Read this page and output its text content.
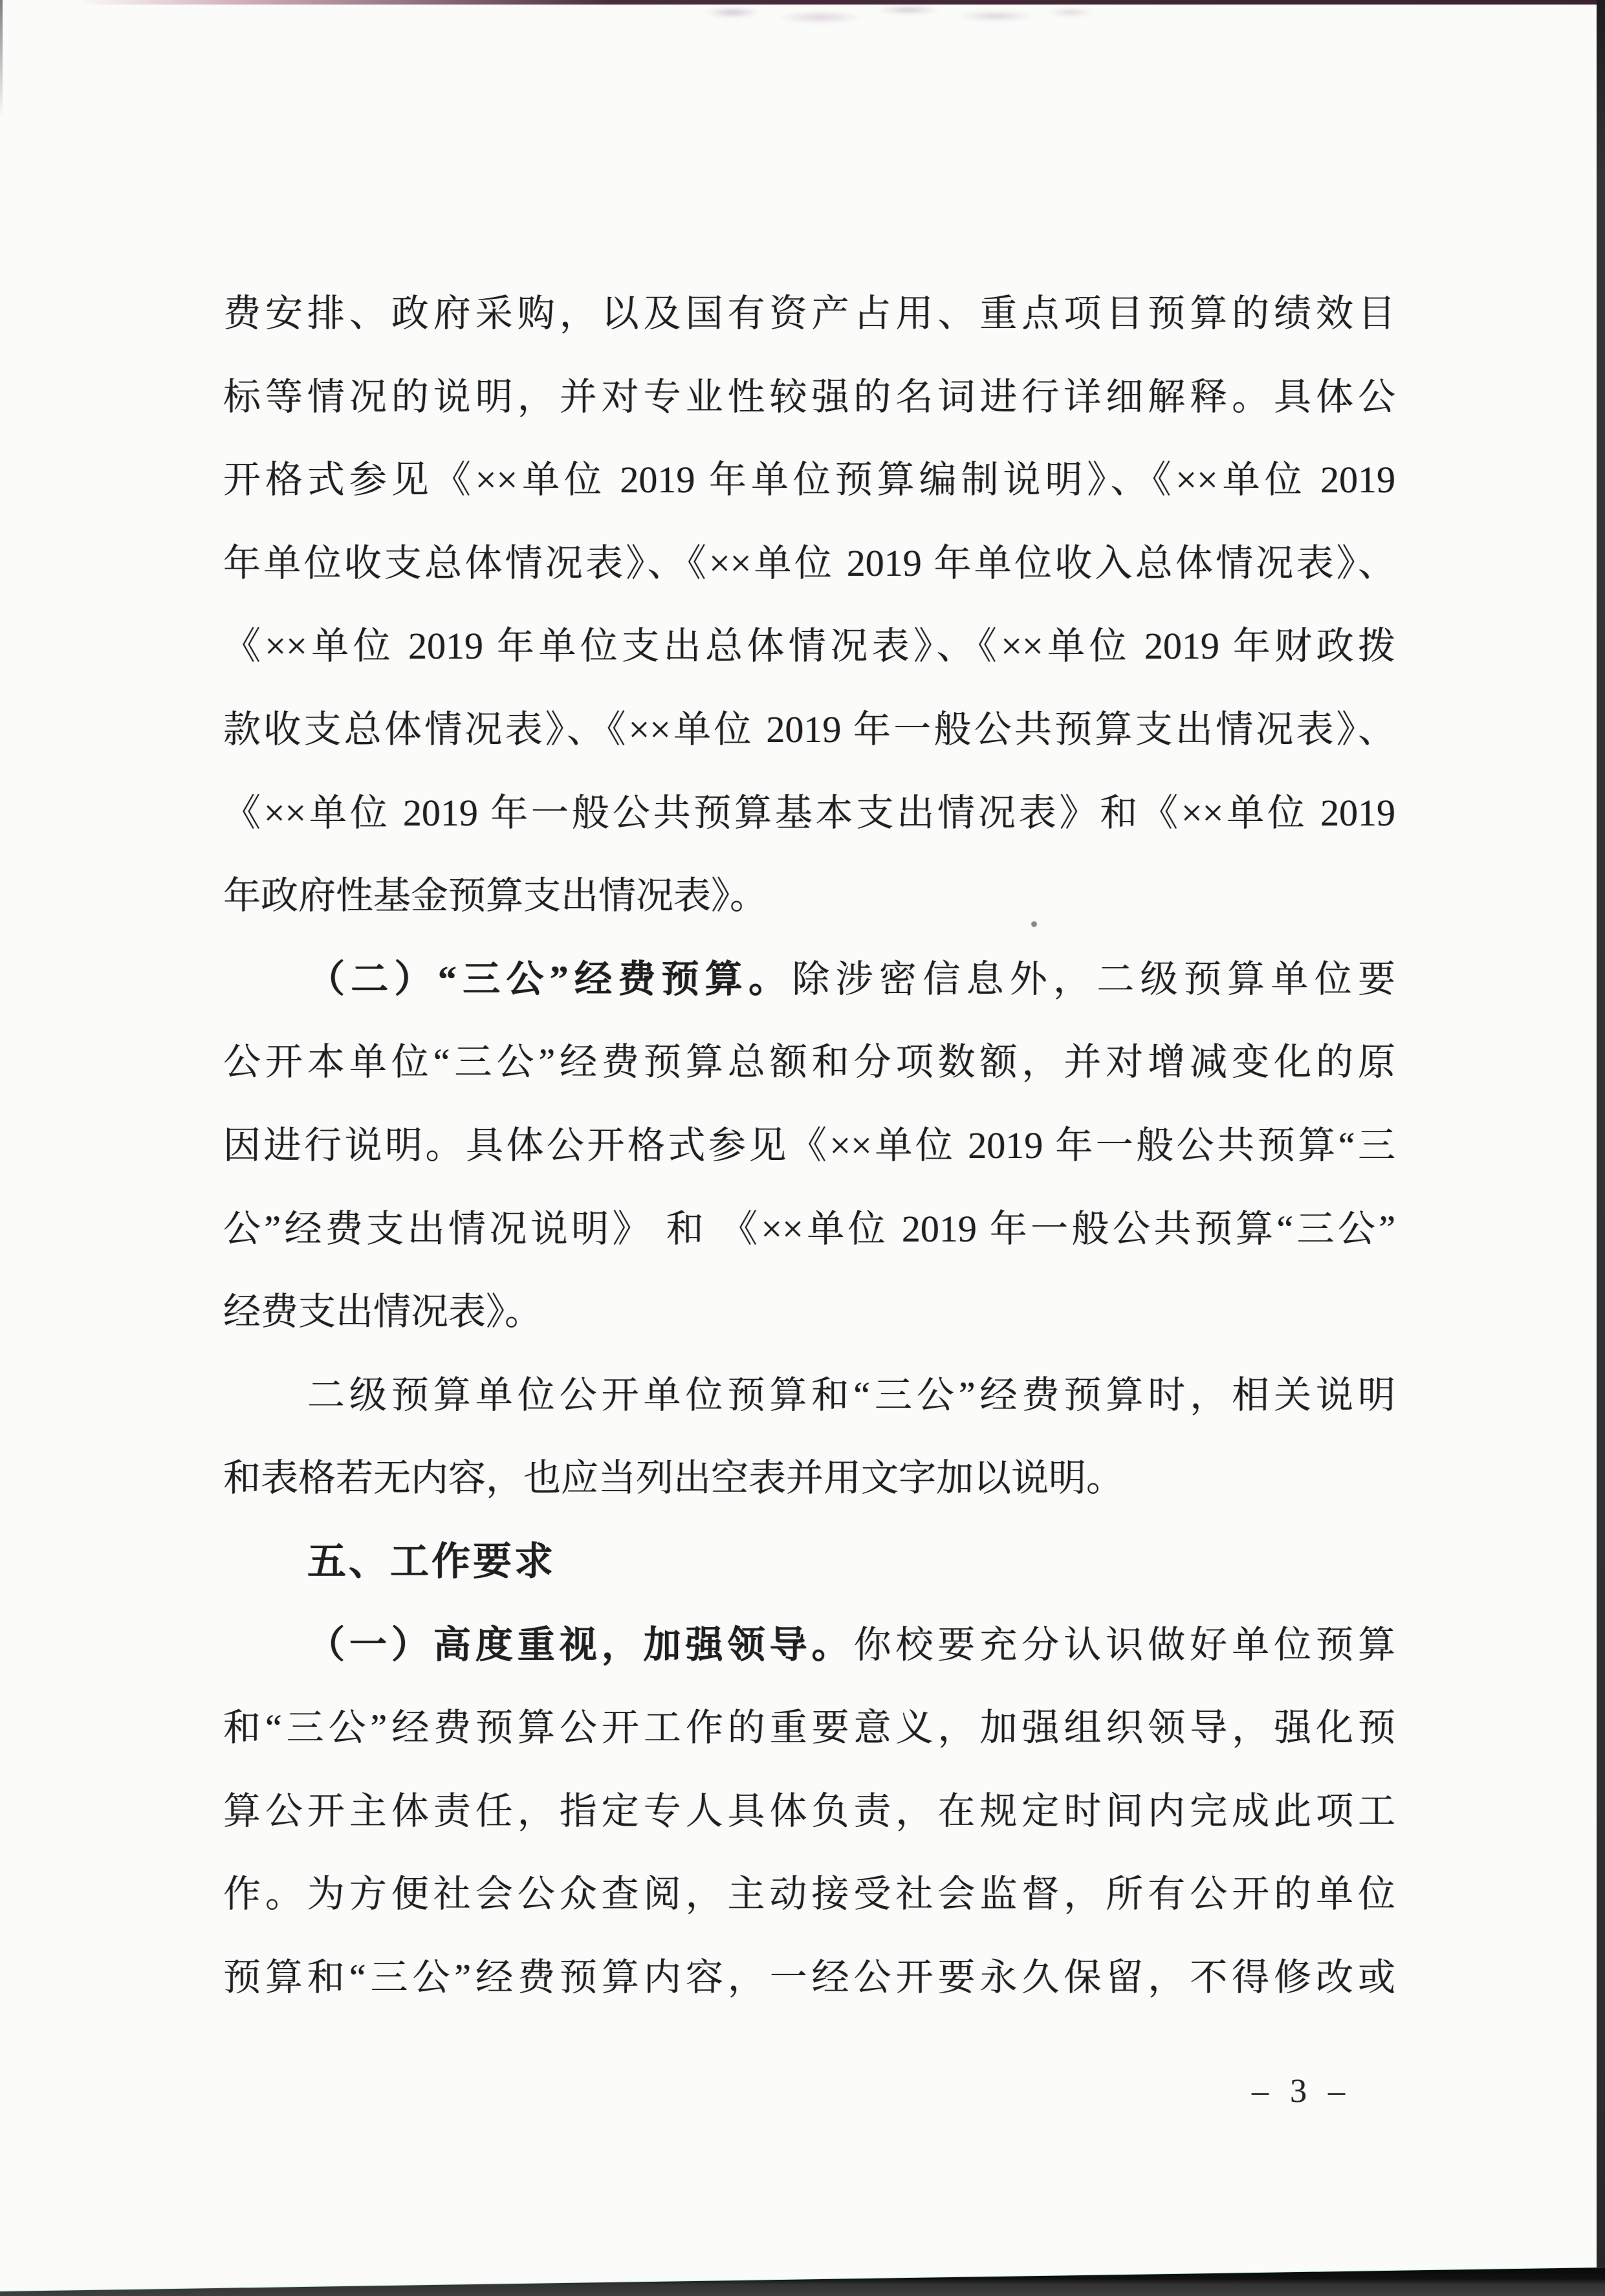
费安排、政府采购，以及国有资产占用、重点项目预算的绩效目
标等情况的说明，并对专业性较强的名词进行详细解释。具体公
开格式参见《××单位 2019 年单位预算编制说明》、《××单位 2019
年单位收支总体情况表》、《××单位 2019 年单位收入总体情况表》、
《××单位 2019 年单位支出总体情况表》、《××单位 2019 年财政拨
款收支总体情况表》、《××单位 2019 年一般公共预算支出情况表》、
《××单位 2019 年一般公共预算基本支出情况表》和《××单位 2019
年政府性基金预算支出情况表》。
（二）“三公”经费预算。除涉密信息外，二级预算单位要
公开本单位“三公”经费预算总额和分项数额，并对增减变化的原
因进行说明。具体公开格式参见《××单位 2019 年一般公共预算“三
公”经费支出情况说明》 和 《××单位 2019 年一般公共预算“三公”
经费支出情况表》。
二级预算单位公开单位预算和“三公”经费预算时，相关说明
和表格若无内容，也应当列出空表并用文字加以说明。
五、工作要求
（一）高度重视，加强领导。你校要充分认识做好单位预算
和“三公”经费预算公开工作的重要意义，加强组织领导，强化预
算公开主体责任，指定专人具体负责，在规定时间内完成此项工
作。为方便社会公众查阅，主动接受社会监督，所有公开的单位
预算和“三公”经费预算内容，一经公开要永久保留，不得修改或
– 3 –
